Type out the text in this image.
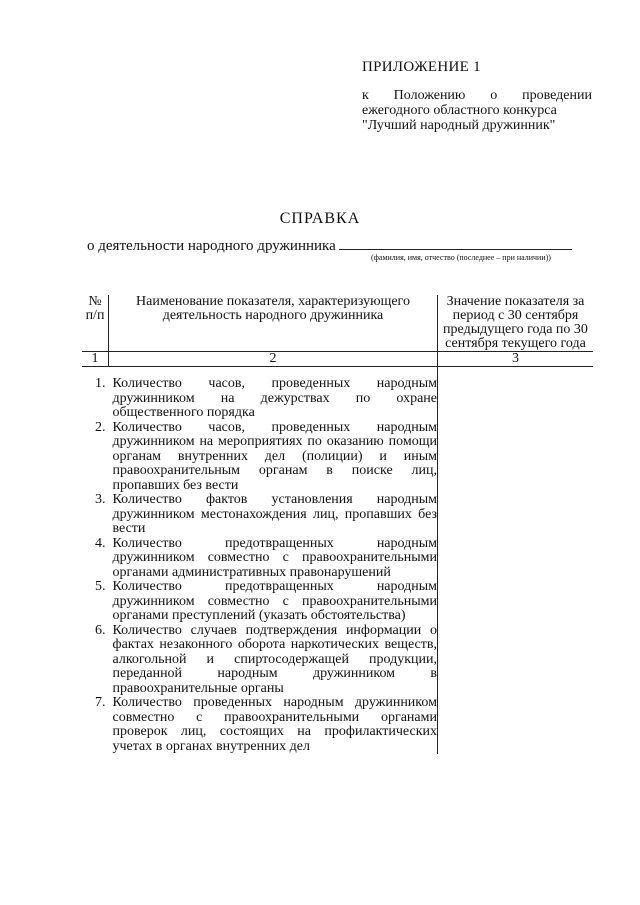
ПРИЛОЖЕНИЕ 1
к Положению о проведении
ежегодного областного конкурса
"Лучший народный дружинник"
СПРАВКА
о деятельности народного дружинника
(фамилия, имя, отчество (последнее – при наличии))
№ п/п	Наименование показателя, характеризующего деятельность народного дружинника	Значение показателя за период с 30 сентября предыдущего года по 30 сентября текущего года
1	2	3
1.	Количество часов, проведенных народным дружинником на дежурствах по охране общественного порядка	
2.	Количество часов, проведенных народным дружинником на мероприятиях по оказанию помощи органам внутренних дел (полиции) и иным правоохранительным органам в поиске лиц, пропавших без вести	
3.	Количество фактов установления народным дружинником местонахождения лиц, пропавших без вести	
4.	Количество предотвращенных народным дружинником совместно с правоохранительными органами административных правонарушений	
5.	Количество предотвращенных народным дружинником совместно с правоохранительными органами преступлений (указать обстоятельства)	
6.	Количество случаев подтверждения информации о фактах незаконного оборота наркотических веществ, алкогольной и спиртосодержащей продукции, переданной народным дружинником в правоохранительные органы	
7.	Количество проведенных народным дружинником совместно с правоохранительными органами проверок лиц, состоящих на профилактических учетах в органах внутренних дел	
